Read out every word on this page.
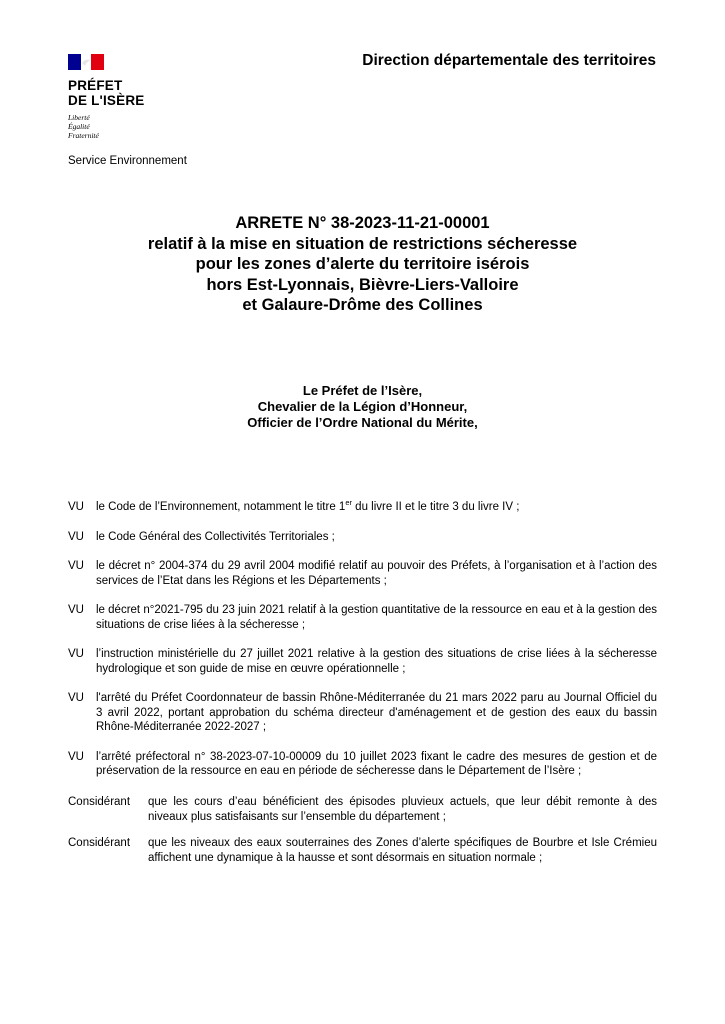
PRÉFET
DE L'ISÈRE
Liberté
Égalité
Fraternité
Direction départementale des territoires
Service Environnement
ARRETE N° 38-2023-11-21-00001
relatif à la mise en situation de restrictions sécheresse
pour les zones d’alerte du territoire isérois
hors Est-Lyonnais, Bièvre-Liers-Valloire
et Galaure-Drôme des Collines
Le Préfet de l’Isère,
Chevalier de la Légion d’Honneur,
Officier de l’Ordre National du Mérite,
VU	le Code de l’Environnement, notamment le titre 1er du livre II et le titre 3 du livre IV ;
VU	le Code Général des Collectivités Territoriales ;
VU	le décret n° 2004-374 du 29 avril 2004 modifié relatif au pouvoir des Préfets, à l’organisation et à l’action des services de l’Etat dans les Régions et les Départements ;
VU	le décret n°2021-795 du 23 juin 2021 relatif à la gestion quantitative de la ressource en eau et à la gestion des situations de crise liées à la sécheresse ;
VU	l’instruction ministérielle du 27 juillet 2021 relative à la gestion des situations de crise liées à la sécheresse hydrologique et son guide de mise en œuvre opérationnelle ;
VU	l'arrêté du Préfet Coordonnateur de bassin Rhône-Méditerranée du 21 mars 2022 paru au Journal Officiel du 3 avril 2022, portant approbation du schéma directeur d'aménagement et de gestion des eaux du bassin Rhône-Méditerranée 2022-2027 ;
VU	l’arrêté préfectoral n° 38-2023-07-10-00009 du 10 juillet 2023 fixant le cadre des mesures de gestion et de préservation de la ressource en eau en période de sécheresse dans le Département de l’Isère ;
Considérant	que les cours d’eau bénéficient des épisodes pluvieux actuels, que leur débit remonte à des niveaux plus satisfaisants sur l’ensemble du département ;
Considérant	que les niveaux des eaux souterraines des Zones d’alerte spécifiques de Bourbre et Isle Crémieu affichent une dynamique à la hausse et sont désormais en situation normale ;
